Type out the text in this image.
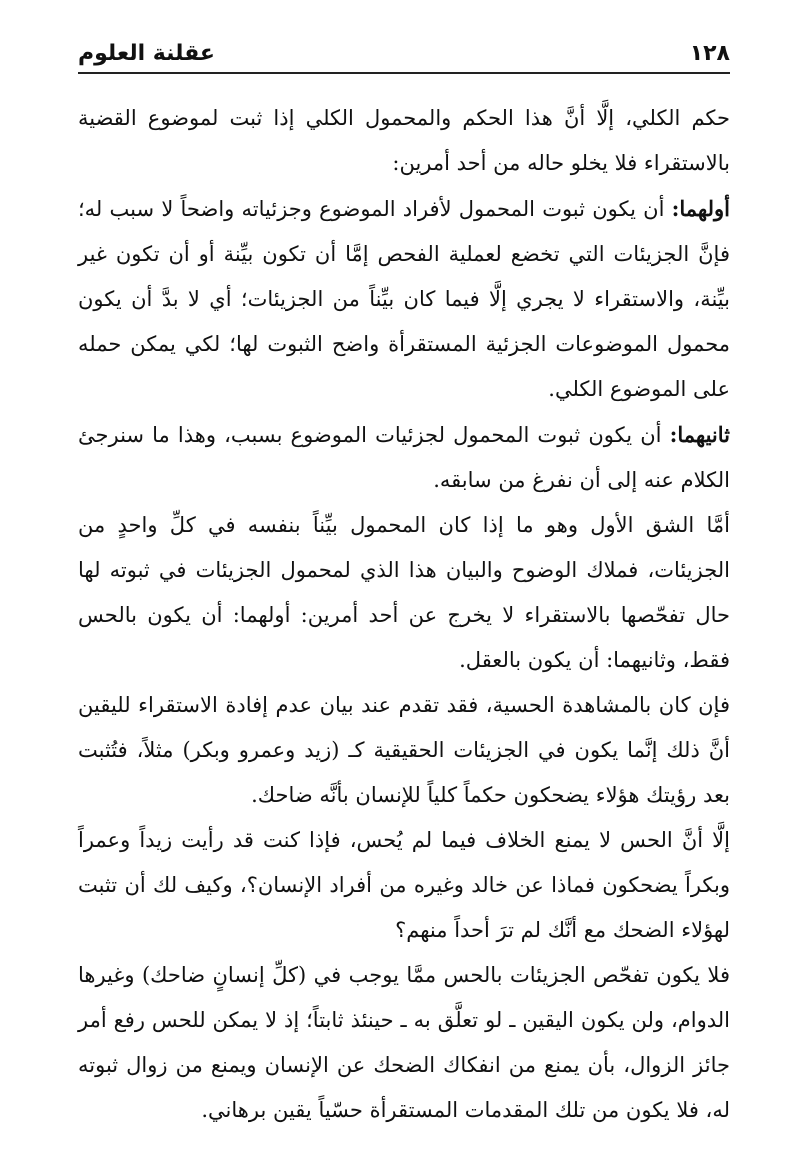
عقلنة العلوم	١٢٨

حكم الكلي، إلَّا أنَّ هذا الحكم والمحمول الكلي إذا ثبت لموضوع القضية بالاستقراء فلا يخلو حاله من أحد أمرين:

أولهما: أن يكون ثبوت المحمول لأفراد الموضوع وجزئياته واضحاً لا سبب له؛ فإنَّ الجزيئات التي تخضع لعملية الفحص إمَّا أن تكون بيِّنة أو أن تكون غير بيِّنة، والاستقراء لا يجري إلَّا فيما كان بيِّناً من الجزيئات؛ أي لا بدَّ أن يكون محمول الموضوعات الجزئية المستقرأة واضح الثبوت لها؛ لكي يمكن حمله على الموضوع الكلي.

ثانيهما: أن يكون ثبوت المحمول لجزئيات الموضوع بسبب، وهذا ما سنرجئ الكلام عنه إلى أن نفرغ من سابقه.

أمَّا الشق الأول وهو ما إذا كان المحمول بيِّناً بنفسه في كلِّ واحدٍ من الجزيئات، فملاك الوضوح والبيان هذا الذي لمحمول الجزيئات في ثبوته لها حال تفحّصها بالاستقراء لا يخرج عن أحد أمرين: أولهما: أن يكون بالحس فقط، وثانيهما: أن يكون بالعقل.

فإن كان بالمشاهدة الحسية، فقد تقدم عند بيان عدم إفادة الاستقراء لليقين أنَّ ذلك إنَّما يكون في الجزيئات الحقيقية كـ (زيد وعمرو وبكر) مثلاً، فتُثبت بعد رؤيتك هؤلاء يضحكون حكماً كلياً للإنسان بأنَّه ضاحك.

إلَّا أنَّ الحس لا يمنع الخلاف فيما لم يُحس، فإذا كنت قد رأيت زيداً وعمراً وبكراً يضحكون فماذا عن خالد وغيره من أفراد الإنسان؟، وكيف لك أن تثبت لهؤلاء الضحك مع أنَّك لم ترَ أحداً منهم؟

فلا يكون تفحّص الجزيئات بالحس ممَّا يوجب في (كلِّ إنسانٍ ضاحك) وغيرها الدوام، ولن يكون اليقين ـ لو تعلَّق به ـ حينئذ ثابتاً؛ إذ لا يمكن للحس رفع أمر جائز الزوال، بأن يمنع من انفكاك الضحك عن الإنسان ويمنع من زوال ثبوته له، فلا يكون من تلك المقدمات المستقرأة حسّياً يقين برهاني.
